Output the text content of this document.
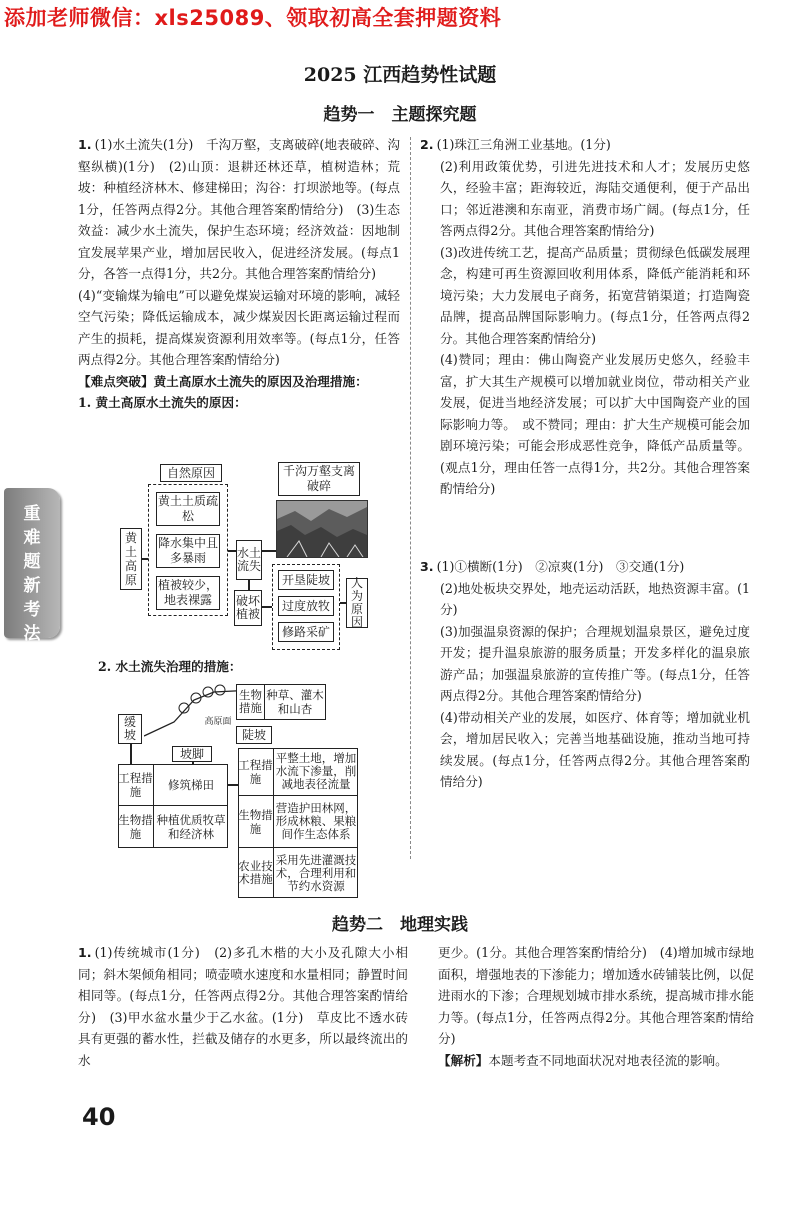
添加老师微信：xls25089、领取初高全套押题资料
2025 江西趋势性试题
趋势一　主题探究题
重难题新考法

1. (1)水土流失(1分)　千沟万壑，支离破碎(地表破碎、沟壑纵横)(1分)　(2)山顶：退耕还林还草，植树造林；荒坡：种植经济林木、修建梯田；沟谷：打坝淤地等。(每点1分，任答两点得2分。其他合理答案酌情给分)　(3)生态效益：减少水土流失，保护生态环境；经济效益：因地制宜发展苹果产业，增加居民收入，促进经济发展。(每点1分，各答一点得1分，共2分。其他合理答案酌情给分)

(4)“变输煤为输电”可以避免煤炭运输对环境的影响，减轻空气污染；降低运输成本，减少煤炭因长距离运输过程而产生的损耗，提高煤炭资源利用效率等。(每点1分，任答两点得2分。其他合理答案酌情给分)

【难点突破】黄土高原水土流失的原因及治理措施：

1. 黄土高原水土流失的原因：

自然原因
黄土土质疏松
降水集中且多暴雨
植被较少，地表裸露
黄土高原
水土流失
千沟万壑支离破碎
破坏植被
开垦陡坡
过度放牧
修路采矿
人为原因

2. 水土流失治理的措施：

高原面
生物措施
种草、灌木和山杏
缓坡	陡坡
坡脚
工程措施	修筑梯田
生物措施
种植优质牧草和经济林
工程措施
平整土地，增加水流下渗量，削减地表径流量
生物措施
营造护田林网，形成林粮、果粮间作生态体系
农业技术措施
采用先进灌溉技术，合理利用和节约水资源

2. (1)珠江三角洲工业基地。(1分)

(2)利用政策优势，引进先进技术和人才；发展历史悠久，经验丰富；距海较近，海陆交通便利，便于产品出口；邻近港澳和东南亚，消费市场广阔。(每点1分，任答两点得2分。其他合理答案酌情给分)

(3)改进传统工艺，提高产品质量；贯彻绿色低碳发展理念，构建可再生资源回收利用体系，降低产能消耗和环境污染；大力发展电子商务，拓宽营销渠道；打造陶瓷品牌，提高品牌国际影响力。(每点1分，任答两点得2分。其他合理答案酌情给分)

(4)赞同；理由：佛山陶瓷产业发展历史悠久，经验丰富，扩大其生产规模可以增加就业岗位，带动相关产业发展，促进当地经济发展；可以扩大中国陶瓷产业的国际影响力等。　或不赞同；理由：扩大生产规模可能会加剧环境污染；可能会形成恶性竞争，降低产品质量等。(观点1分，理由任答一点得1分，共2分。其他合理答案酌情给分)

3. (1)①横断(1分)　②凉爽(1分)　③交通(1分)

(2)地处板块交界处，地壳运动活跃，地热资源丰富。(1分)

(3)加强温泉资源的保护；合理规划温泉景区，避免过度开发；提升温泉旅游的服务质量；开发多样化的温泉旅游产品；加强温泉旅游的宣传推广等。(每点1分，任答两点得2分。其他合理答案酌情给分)

(4)带动相关产业的发展，如医疗、体育等；增加就业机会，增加居民收入；完善当地基础设施，推动当地可持续发展。(每点1分，任答两点得2分。其他合理答案酌情给分)

趋势二　地理实践

1. (1)传统城市(1分)　(2)多孔木楷的大小及孔隙大小相同；斜木架倾角相同；喷壶喷水速度和水量相同；静置时间相同等。(每点1分，任答两点得2分。其他合理答案酌情给分)　(3)甲水盆水量少于乙水盆。(1分)　草皮比不透水砖具有更强的蓄水性，拦截及储存的水更多，所以最终流出的水

更少。(1分。其他合理答案酌情给分)　(4)增加城市绿地面积，增强地表的下渗能力；增加透水砖铺装比例，以促进雨水的下渗；合理规划城市排水系统，提高城市排水能力等。(每点1分，任答两点得2分。其他合理答案酌情给分)

【解析】本题考查不同地面状况对地表径流的影响。

40
